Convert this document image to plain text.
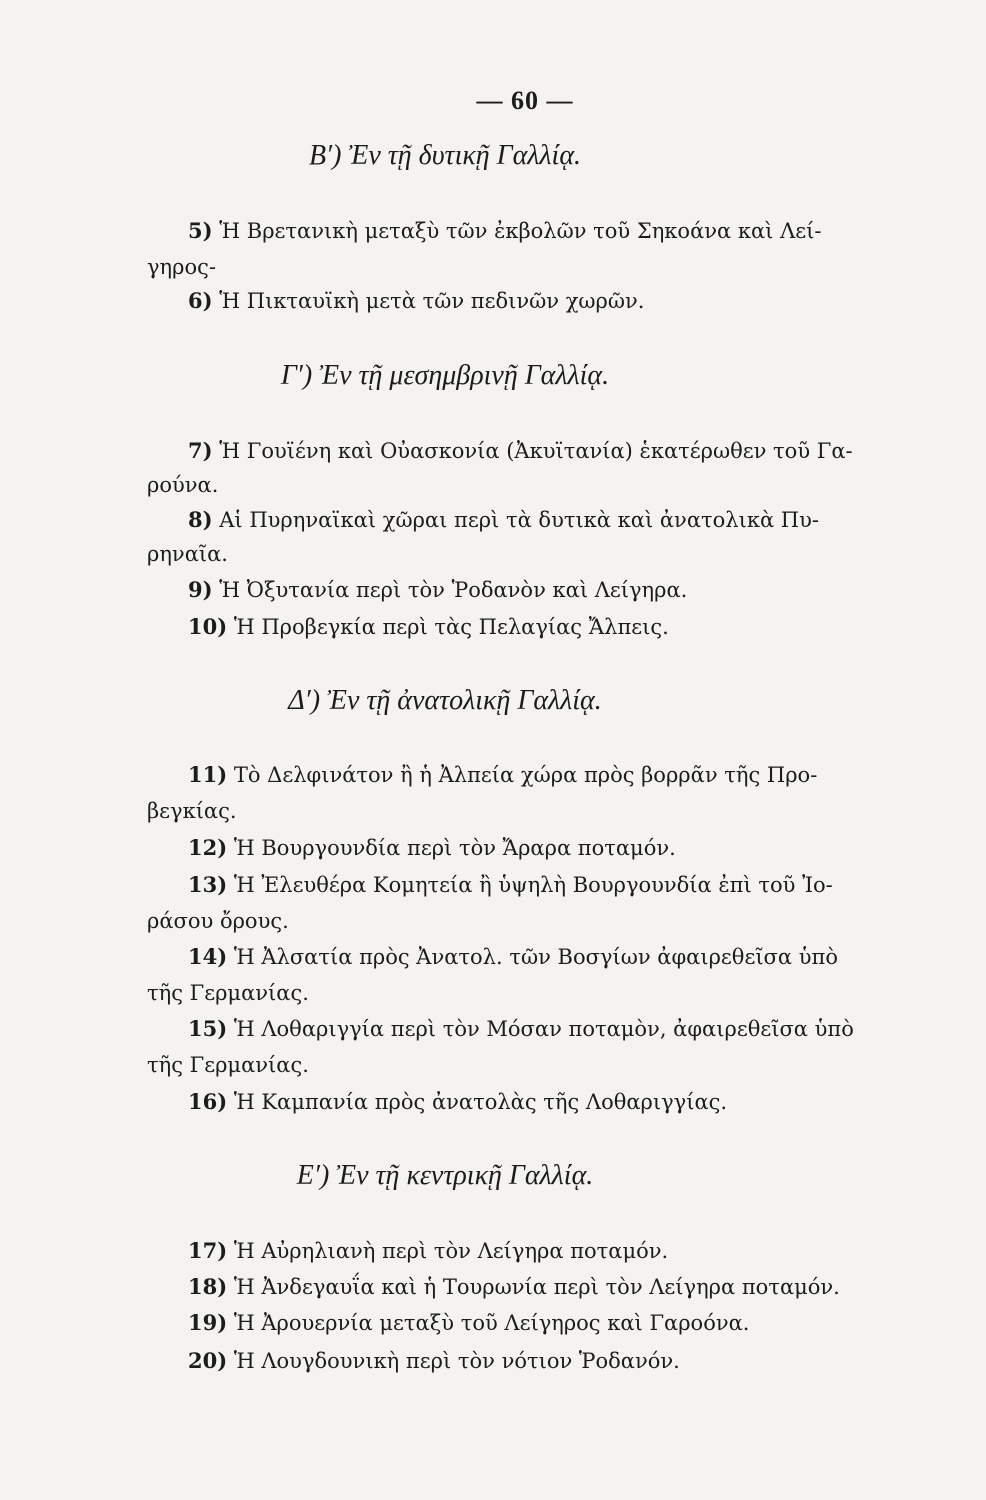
— 60 —
Β′) Ἐν τῇ δυτικῇ Γαλλίᾳ.
5) Ἡ Βρετανικὴ μεταξὺ τῶν ἐκβολῶν τοῦ Σηκοάνα καὶ Λεί-
γηρος-
6) Ἡ Πικταυϊκὴ μετὰ τῶν πεδινῶν χωρῶν.
Γ′) Ἐν τῇ μεσημβρινῇ Γαλλίᾳ.
7) Ἡ Γουϊένη καὶ Οὐασκονία (Ἀκυϊτανία) ἑκατέρωθεν τοῦ Γα-
ρούνα.
8) Αἱ Πυρηναϊκαὶ χῶραι περὶ τὰ δυτικὰ καὶ ἀνατολικὰ Πυ-
ρηναῖα.
9) Ἡ Ὀξυτανία περὶ τὸν Ῥοδανὸν καὶ Λείγηρα.
10) Ἡ Προβεγκία περὶ τὰς Πελαγίας Ἄλπεις.
Δ′) Ἐν τῇ ἀνατολικῇ Γαλλίᾳ.
11) Τὸ Δελφινάτον ἢ ἡ Ἀλπεία χώρα πρὸς βορρᾶν τῆς Προ-
βεγκίας.
12) Ἡ Βουργουνδία περὶ τὸν Ἄραρα ποταμόν.
13) Ἡ Ἐλευθέρα Κομητεία ἢ ὑψηλὴ Βουργουνδία ἐπὶ τοῦ Ἰο-
ράσου ὄρους.
14) Ἡ Ἀλσατία πρὸς Ἀνατολ. τῶν Βοσγίων ἀφαιρεθεῖσα ὑπὸ
τῆς Γερμανίας.
15) Ἡ Λοθαριγγία περὶ τὸν Μόσαν ποταμὸν, ἀφαιρεθεῖσα ὑπὸ
τῆς Γερμανίας.
16) Ἡ Καμπανία πρὸς ἀνατολὰς τῆς Λοθαριγγίας.
Ε′) Ἐν τῇ κεντρικῇ Γαλλίᾳ.
17) Ἡ Αὐρηλιανὴ περὶ τὸν Λείγηρα ποταμόν.
18) Ἡ Ἀνδεγαυΐα καὶ ἡ Τουρωνία περὶ τὸν Λείγηρα ποταμόν.
19) Ἡ Ἀρουερνία μεταξὺ τοῦ Λείγηρος καὶ Γαροόνα.
20) Ἡ Λουγδουνικὴ περὶ τὸν νότιον Ῥοδανόν.
